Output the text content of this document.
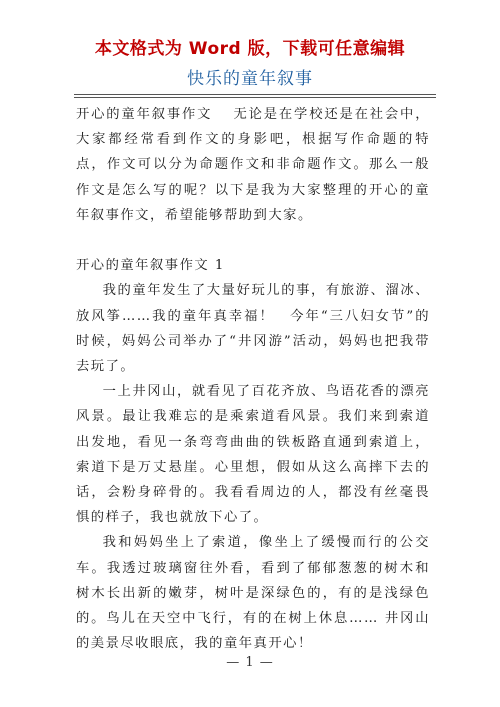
本文格式为 Word 版，下载可任意编辑
快乐的童年叙事

开心的童年叙事作文　 无论是在学校还是在社会中，大家都经常看到作文的身影吧，根据写作命题的特点，作文可以分为命题作文和非命题作文。那么一般作文是怎么写的呢？以下是我为大家整理的开心的童年叙事作文，希望能够帮助到大家。

开心的童年叙事作文 1

我的童年发生了大量好玩儿的事，有旅游、溜冰、放风筝……我的童年真幸福！　今年“三八妇女节”的时候，妈妈公司举办了“井冈游”活动，妈妈也把我带去玩了。

一上井冈山，就看见了百花齐放、鸟语花香的漂亮风景。最让我难忘的是乘索道看风景。我们来到索道出发地，看见一条弯弯曲曲的铁板路直通到索道上，索道下是万丈悬崖。心里想，假如从这么高摔下去的话，会粉身碎骨的。我看看周边的人，都没有丝毫畏惧的样子，我也就放下心了。

我和妈妈坐上了索道，像坐上了缓慢而行的公交车。我透过玻璃窗往外看，看到了郁郁葱葱的树木和树木长出新的嫩芽，树叶是深绿色的，有的是浅绿色的。鸟儿在天空中飞行，有的在树上休息…… 井冈山的美景尽收眼底，我的童年真开心！

— 1 —
